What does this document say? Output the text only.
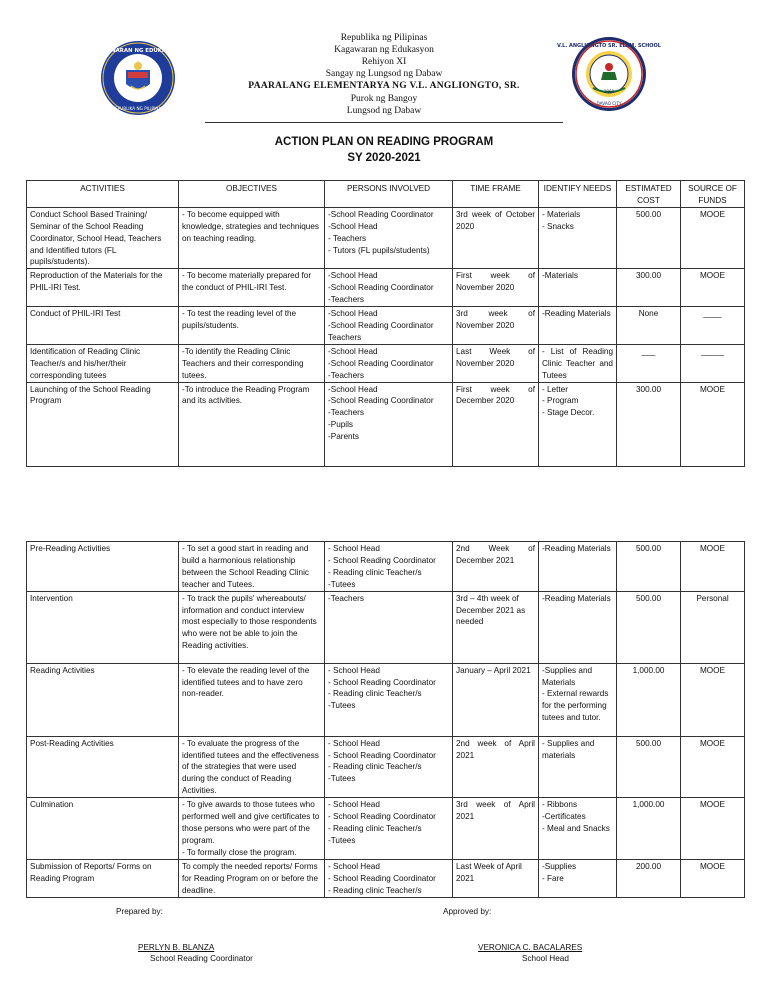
KAGAWARAN NG EDUKASYON
REPUBLIKA NG PILIPINAS
V.L. ANGLIONGTO SR. ELEM. SCHOOL
1960
DAVAO CITY
Republika ng Pilipinas
Kagawaran ng Edukasyon
Rehiyon XI
Sangay ng Lungsod ng Dabaw
PAARALANG ELEMENTARYA NG V.L. ANGLIONGTO, SR.
Purok ng Bangoy
Lungsod ng Dabaw
ACTION PLAN ON READING PROGRAM
SY 2020-2021
ACTIVITIES	OBJECTIVES	PERSONS INVOLVED	TIME FRAME	IDENTIFY NEEDS	ESTIMATED COST	SOURCE OF FUNDS
Conduct School Based Training/ Seminar of the School Reading Coordinator, School Head, Teachers and Identified tutors (FL pupils/students).	- To become equipped with knowledge, strategies and techniques on teaching reading.	-School Reading Coordinator
-School Head
- Teachers
- Tutors (FL pupils/students)	3rd week of October 2020	- Materials
- Snacks	500.00	MOOE
Reproduction of the Materials for the PHIL-IRI Test.	- To become materially prepared for the conduct of PHIL-IRI Test.	-School Head
-School Reading Coordinator
-Teachers	First week of November 2020	-Materials	300.00	MOOE
Conduct of PHIL-IRI Test	- To test the reading level of the pupils/students.	-School Head
-School Reading Coordinator
Teachers	3rd week of November 2020	-Reading Materials	None	____
Identification of Reading Clinic Teacher/s and his/her/their corresponding tutees	-To identify the Reading Clinic Teachers and their corresponding tutees.	-School Head
-School Reading Coordinator
-Teachers	Last Week of November 2020	- List of Reading Clinic Teacher and Tutees	___	_____
Launching of the School Reading Program	-To introduce the Reading Program and its activities.	-School Head
-School Reading Coordinator
-Teachers
-Pupils
-Parents	First week of December 2020	- Letter
- Program
- Stage Decor.	300.00	MOOE
Pre-Reading Activities	- To set a good start in reading and build a harmonious relationship between the School Reading Clinic teacher and Tutees.	- School Head
- School Reading Coordinator
- Reading clinic Teacher/s
-Tutees	2nd Week of December 2021	-Reading Materials	500.00	MOOE
Intervention	- To track the pupils' whereabouts/ information and conduct interview most especially to those respondents who were not be able to join the Reading activities.	-Teachers	3rd – 4th week of December 2021 as needed	-Reading Materials	500.00	Personal
Reading Activities	- To elevate the reading level of the identified tutees and to have zero non-reader.	- School Head
- School Reading Coordinator
- Reading clinic Teacher/s
-Tutees	January – April 2021	-Supplies and Materials
- External rewards for the performing tutees and tutor.	1,000.00	MOOE
Post-Reading Activities	- To evaluate the progress of the identified tutees and the effectiveness of the strategies that were used during the conduct of Reading Activities.	- School Head
- School Reading Coordinator
- Reading clinic Teacher/s
-Tutees	2nd week of April 2021	- Supplies and materials	500.00	MOOE
Culmination	- To give awards to those tutees who performed well and give certificates to those persons who were part of the program.
- To formally close the program.	- School Head
- School Reading Coordinator
- Reading clinic Teacher/s
-Tutees	3rd week of April 2021	- Ribbons
-Certificates
- Meal and Snacks	1,000.00	MOOE
Submission of Reports/ Forms on Reading Program	To comply the needed reports/ Forms for Reading Program on or before the deadline.	- School Head
- School Reading Coordinator
- Reading clinic Teacher/s	Last Week of April 2021	-Supplies
- Fare	200.00	MOOE
Prepared by:	Approved by:
PERLYN B. BLANZA
School Reading Coordinator
VERONICA C. BACALARES
School Head
